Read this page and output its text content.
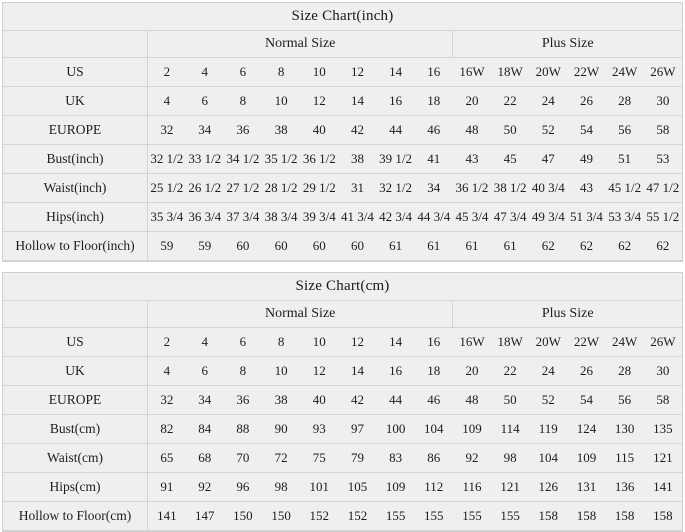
Size Chart(inch)
	Normal Size								Plus Size					
US	2	4	6	8	10	12	14	16	16W	18W	20W	22W	24W	26W
UK	4	6	8	10	12	14	16	18	20	22	24	26	28	30
EUROPE	32	34	36	38	40	42	44	46	48	50	52	54	56	58
Bust(inch)	32 1/2	33 1/2	34 1/2	35 1/2	36 1/2	38	39 1/2	41	43	45	47	49	51	53
Waist(inch)	25 1/2	26 1/2	27 1/2	28 1/2	29 1/2	31	32 1/2	34	36 1/2	38 1/2	40 3/4	43	45 1/2	47 1/2
Hips(inch)	35 3/4	36 3/4	37 3/4	38 3/4	39 3/4	41 3/4	42 3/4	44 3/4	45 3/4	47 3/4	49 3/4	51 3/4	53 3/4	55 1/2
Hollow to Floor(inch)	59	59	60	60	60	60	61	61	61	61	62	62	62	62
Size Chart(cm)
	Normal Size								Plus Size					
US	2	4	6	8	10	12	14	16	16W	18W	20W	22W	24W	26W
UK	4	6	8	10	12	14	16	18	20	22	24	26	28	30
EUROPE	32	34	36	38	40	42	44	46	48	50	52	54	56	58
Bust(cm)	82	84	88	90	93	97	100	104	109	114	119	124	130	135
Waist(cm)	65	68	70	72	75	79	83	86	92	98	104	109	115	121
Hips(cm)	91	92	96	98	101	105	109	112	116	121	126	131	136	141
Hollow to Floor(cm)	141	147	150	150	152	152	155	155	155	155	158	158	158	158
